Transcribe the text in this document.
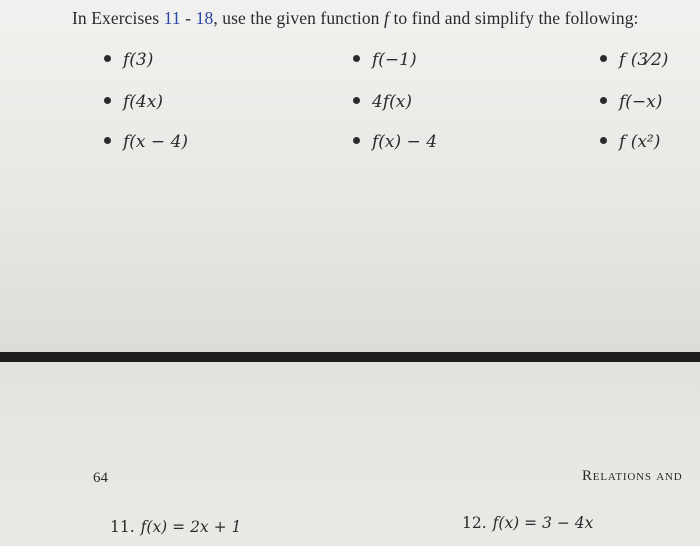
In Exercises 11 - 18, use the given function f to find and simplify the following:
f(3)	f(−1)	f (3⁄2)
f(4x)	4f(x)	f(−x)
f(x − 4)	f(x) − 4	f (x²)
64	Relations and
11. f(x) = 2x + 1	12. f(x) = 3 − 4x
